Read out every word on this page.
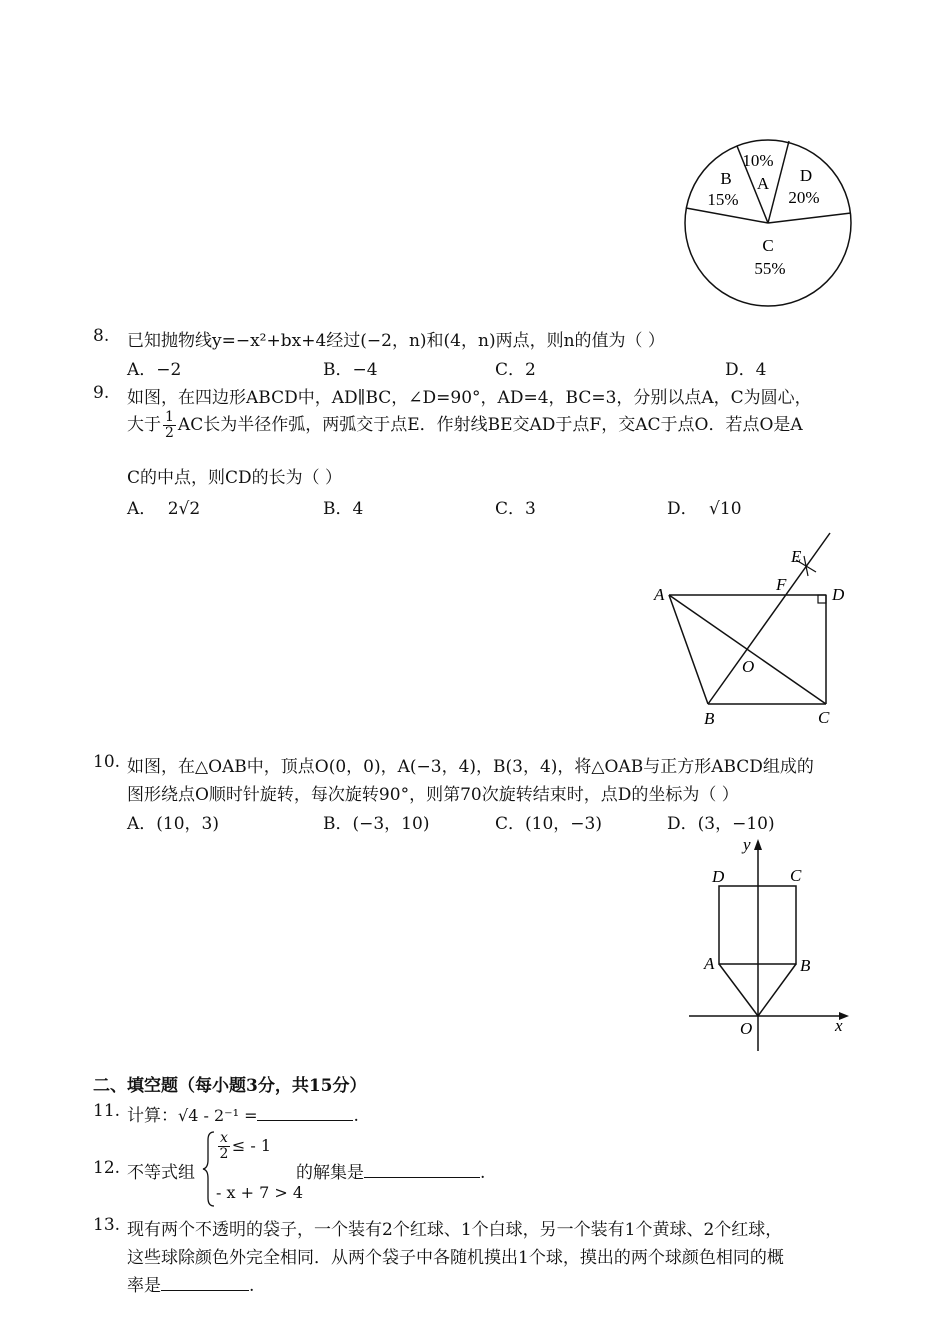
10%
A D
20%
B
15%
C
55%
8. 已知抛物线y=−x²+bx+4经过(−2，n)和(4，n)两点，则n的值为（ ）
A．−2	B．−4	C．2	D．4
9. 如图，在四边形ABCD中，AD∥BC，∠D=90°，AD=4，BC=3，分别以点A，C为圆心，
大于 $\frac{1}{2}$ AC长为半径作弧，两弧交于点E．作射线BE交AD于点F，交AC于点O．若点O是A
C的中点，则CD的长为（ ）
A． 2√2	B．4	C．3	D． √10
E
F
A	D
O
B	C
10. 如图，在△OAB中，顶点O(0，0)，A(−3，4)，B(3，4)，将△OAB与正方形ABCD组成的
图形绕点O顺时针旋转，每次旋转90°，则第70次旋转结束时，点D的坐标为（ ）
A．(10，3)	B．(−3，10)	C．(10，−3)	D．(3，−10)
y
x
O
A	B
C
D
二、填空题（每小题3分，共15分）
11. 计算：√4 - 2⁻¹ =	.
12. 不等式组
$\frac{x}{2}$ ≤ - 1
- x + 7 > 4
的解集是	.
13. 现有两个不透明的袋子，一个装有2个红球、1个白球，另一个装有1个黄球、2个红球，
这些球除颜色外完全相同．从两个袋子中各随机摸出1个球，摸出的两个球颜色相同的概
率是	.
